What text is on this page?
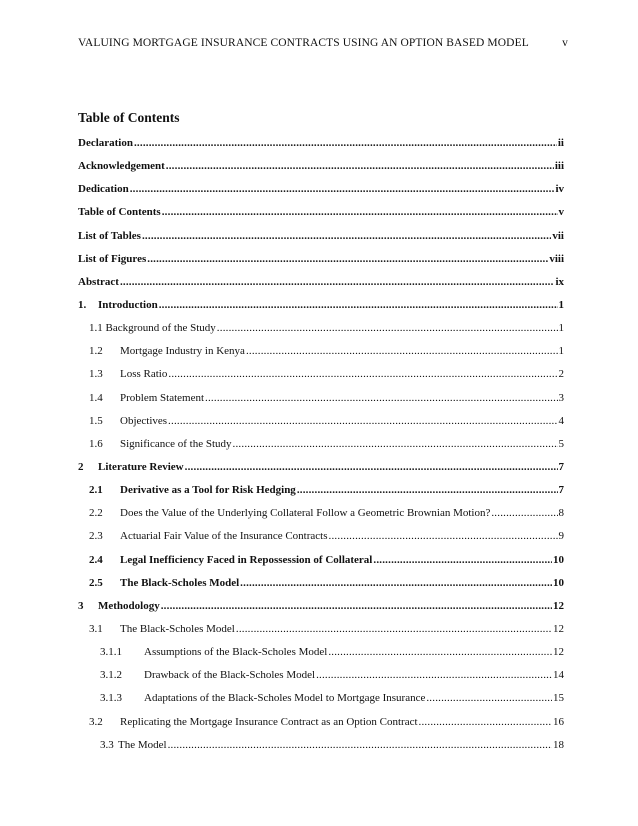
VALUING MORTGAGE INSURANCE CONTRACTS USING AN OPTION BASED MODEL	v
Table of Contents
Declaration .....	ii
Acknowledgement .....	iii
Dedication .....	iv
Table of Contents .....	v
List of Tables .....	vii
List of Figures .....	viii
Abstract .....	ix
1.	Introduction .....	1
1.1 Background of the Study .....	1
1.2	Mortgage Industry in Kenya .....	1
1.3	Loss Ratio .....	2
1.4	Problem Statement .....	3
1.5	Objectives .....	4
1.6	Significance of the Study .....	5
2	Literature Review .....	7
2.1	Derivative as a Tool for Risk Hedging .....	7
2.2	Does the Value of the Underlying Collateral Follow a Geometric Brownian Motion? .....	8
2.3	Actuarial Fair Value of the Insurance Contracts .....	9
2.4	Legal Inefficiency Faced in Repossession of Collateral .....	10
2.5	The Black-Scholes Model .....	10
3	Methodology .....	12
3.1	The Black-Scholes Model .....	12
3.1.1	Assumptions of the Black-Scholes Model .....	12
3.1.2	Drawback of the Black-Scholes Model .....	14
3.1.3	Adaptations of the Black-Scholes Model to Mortgage Insurance .....	15
3.2	Replicating the Mortgage Insurance Contract as an Option Contract .....	16
3.3 The Model .....	18
